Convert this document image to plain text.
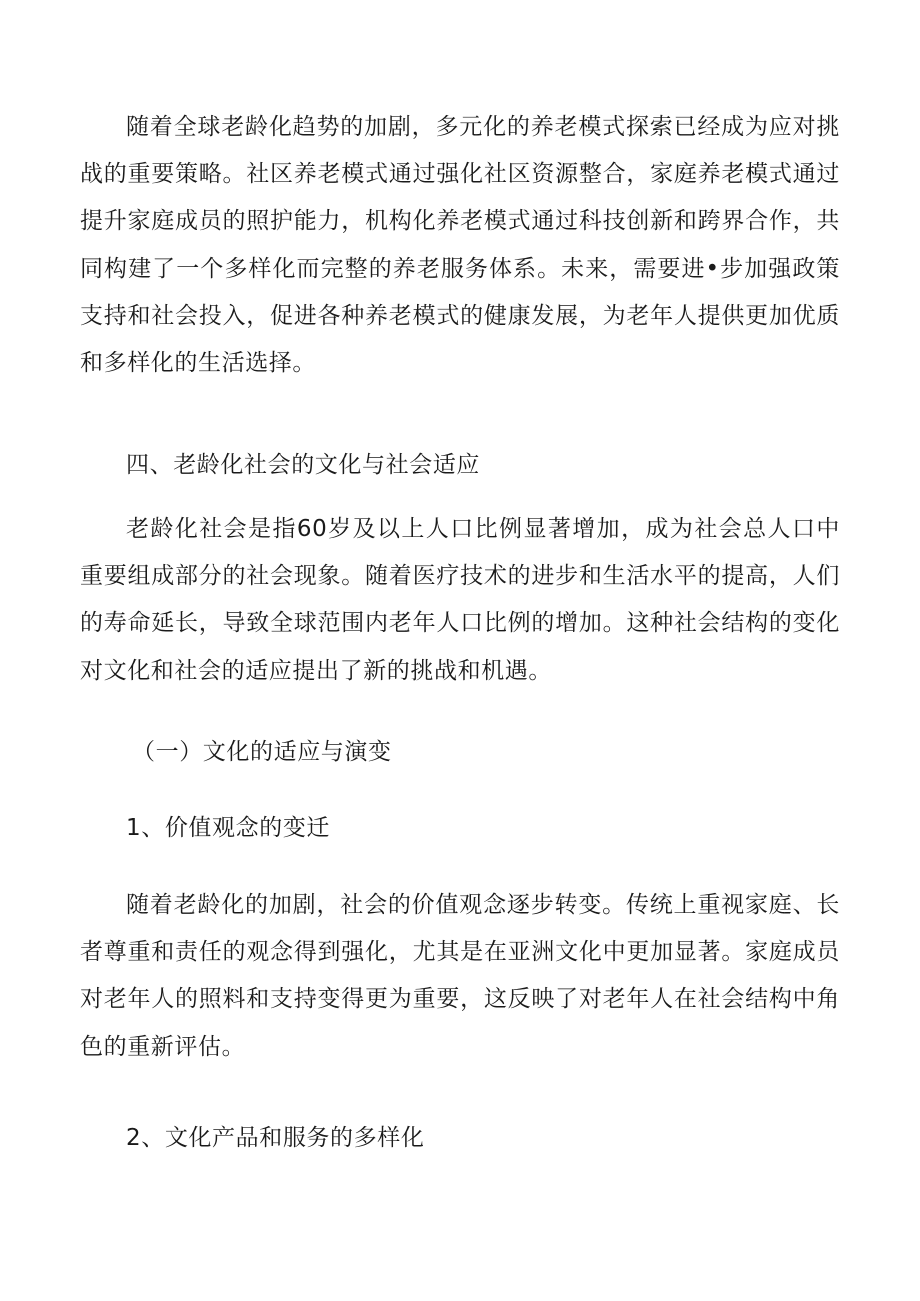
随着全球老龄化趋势的加剧，多元化的养老模式探索已经成为应对挑战的重要策略。社区养老模式通过强化社区资源整合，家庭养老模式通过提升家庭成员的照护能力，机构化养老模式通过科技创新和跨界合作，共同构建了一个多样化而完整的养老服务体系。未来，需要进•步加强政策支持和社会投入，促进各种养老模式的健康发展，为老年人提供更加优质和多样化的生活选择。

四、老龄化社会的文化与社会适应

老龄化社会是指60岁及以上人口比例显著增加，成为社会总人口中重要组成部分的社会现象。随着医疗技术的进步和生活水平的提高，人们的寿命延长，导致全球范围内老年人口比例的增加。这种社会结构的变化对文化和社会的适应提出了新的挑战和机遇。

（一）文化的适应与演变

1、价值观念的变迁

随着老龄化的加剧，社会的价值观念逐步转变。传统上重视家庭、长者尊重和责任的观念得到强化，尤其是在亚洲文化中更加显著。家庭成员对老年人的照料和支持变得更为重要，这反映了对老年人在社会结构中角色的重新评估。

2、文化产品和服务的多样化
